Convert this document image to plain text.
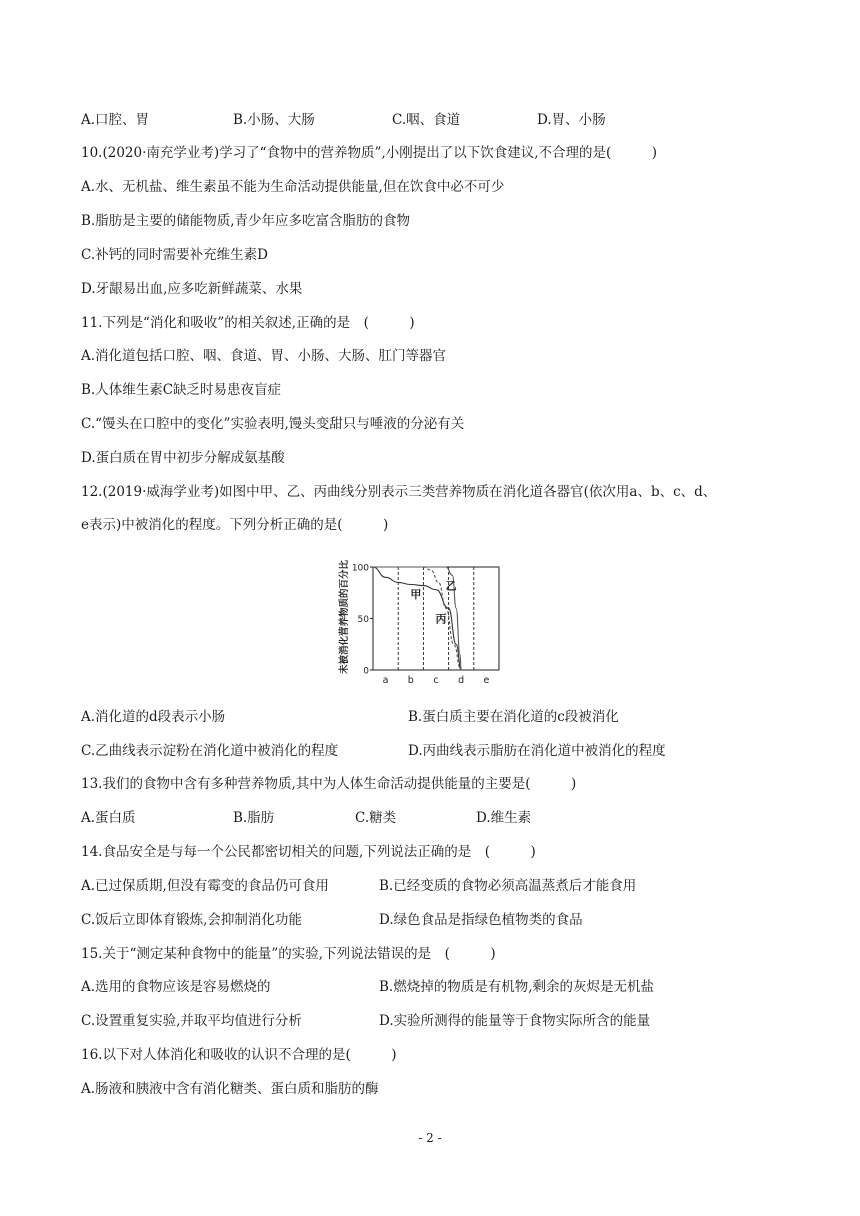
A.口腔、胃	B.小肠、大肠	C.咽、食道	D.胃、小肠
10.(2020·南充学业考)学习了“食物中的营养物质”,小刚提出了以下饮食建议,不合理的是(　　　)
A.水、无机盐、维生素虽不能为生命活动提供能量,但在饮食中必不可少
B.脂肪是主要的储能物质,青少年应多吃富含脂肪的食物
C.补钙的同时需要补充维生素D
D.牙龈易出血,应多吃新鲜蔬菜、水果
11.下列是“消化和吸收”的相关叙述,正确的是　(　　　)
A.消化道包括口腔、咽、食道、胃、小肠、大肠、肛门等器官
B.人体维生素C缺乏时易患夜盲症
C.“馒头在口腔中的变化”实验表明,馒头变甜只与唾液的分泌有关
D.蛋白质在胃中初步分解成氨基酸
12.(2019·威海学业考)如图中甲、乙、丙曲线分别表示三类营养物质在消化道各器官(依次用a、b、c、d、
e表示)中被消化的程度。下列分析正确的是(　　　)
未被消化营养物质的百分比 100
50
0
a b c d e
甲
乙
丙
A.消化道的d段表示小肠	B.蛋白质主要在消化道的c段被消化
C.乙曲线表示淀粉在消化道中被消化的程度	D.丙曲线表示脂肪在消化道中被消化的程度
13.我们的食物中含有多种营养物质,其中为人体生命活动提供能量的主要是(　　　)
A.蛋白质	B.脂肪	C.糖类	D.维生素
14.食品安全是与每一个公民都密切相关的问题,下列说法正确的是　(　　　)
A.已过保质期,但没有霉变的食品仍可食用	B.已经变质的食物必须高温蒸煮后才能食用
C.饭后立即体育锻炼,会抑制消化功能	D.绿色食品是指绿色植物类的食品
15.关于“测定某种食物中的能量”的实验,下列说法错误的是　(　　　)
A.选用的食物应该是容易燃烧的	B.燃烧掉的物质是有机物,剩余的灰烬是无机盐
C.设置重复实验,并取平均值进行分析	D.实验所测得的能量等于食物实际所含的能量
16.以下对人体消化和吸收的认识不合理的是(　　　)
A.肠液和胰液中含有消化糖类、蛋白质和脂肪的酶
- 2 -
